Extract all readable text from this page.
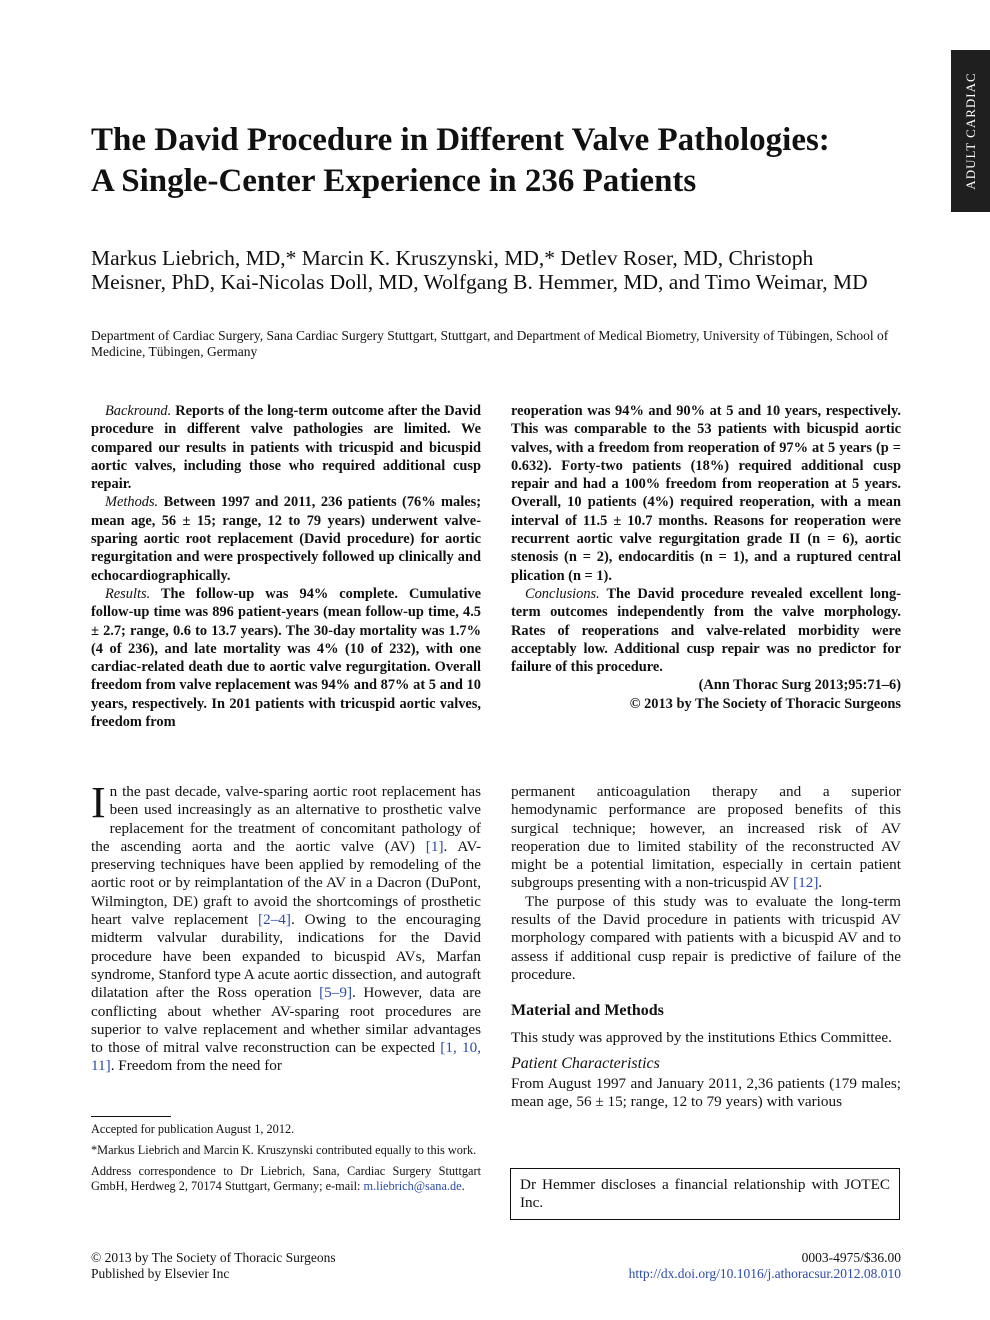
ADULT CARDIAC
The David Procedure in Different Valve Pathologies: A Single-Center Experience in 236 Patients

Markus Liebrich, MD,* Marcin K. Kruszynski, MD,* Detlev Roser, MD, Christoph Meisner, PhD, Kai-Nicolas Doll, MD, Wolfgang B. Hemmer, MD, and Timo Weimar, MD

Department of Cardiac Surgery, Sana Cardiac Surgery Stuttgart, Stuttgart, and Department of Medical Biometry, University of Tübingen, School of Medicine, Tübingen, Germany

Backround. Reports of the long-term outcome after the David procedure in different valve pathologies are limited. We compared our results in patients with tricuspid and bicuspid aortic valves, including those who required additional cusp repair.

Methods. Between 1997 and 2011, 236 patients (76% males; mean age, 56 ± 15; range, 12 to 79 years) underwent valve-sparing aortic root replacement (David procedure) for aortic regurgitation and were prospectively followed up clinically and echocardiographically.

Results. The follow-up was 94% complete. Cumulative follow-up time was 896 patient-years (mean follow-up time, 4.5 ± 2.7; range, 0.6 to 13.7 years). The 30-day mortality was 1.7% (4 of 236), and late mortality was 4% (10 of 232), with one cardiac-related death due to aortic valve regurgitation. Overall freedom from valve replacement was 94% and 87% at 5 and 10 years, respectively. In 201 patients with tricuspid aortic valves, freedom from

reoperation was 94% and 90% at 5 and 10 years, respectively. This was comparable to the 53 patients with bicuspid aortic valves, with a freedom from reoperation of 97% at 5 years (p = 0.632). Forty-two patients (18%) required additional cusp repair and had a 100% freedom from reoperation at 5 years. Overall, 10 patients (4%) required reoperation, with a mean interval of 11.5 ± 10.7 months. Reasons for reoperation were recurrent aortic valve regurgitation grade II (n = 6), aortic stenosis (n = 2), endocarditis (n = 1), and a ruptured central plication (n = 1).

Conclusions. The David procedure revealed excellent long-term outcomes independently from the valve morphology. Rates of reoperations and valve-related morbidity were acceptably low. Additional cusp repair was no predictor for failure of this procedure.

(Ann Thorac Surg 2013;95:71–6)

© 2013 by The Society of Thoracic Surgeons

In the past decade, valve-sparing aortic root replacement has been used increasingly as an alternative to prosthetic valve replacement for the treatment of concomitant pathology of the ascending aorta and the aortic valve (AV) [1]. AV-preserving techniques have been applied by remodeling of the aortic root or by reimplantation of the AV in a Dacron (DuPont, Wilmington, DE) graft to avoid the shortcomings of prosthetic heart valve replacement [2–4]. Owing to the encouraging midterm valvular durability, indications for the David procedure have been expanded to bicuspid AVs, Marfan syndrome, Stanford type A acute aortic dissection, and autograft dilatation after the Ross operation [5–9]. However, data are conflicting about whether AV-sparing root procedures are superior to valve replacement and whether similar advantages to those of mitral valve reconstruction can be expected [1, 10, 11]. Freedom from the need for

permanent anticoagulation therapy and a superior hemodynamic performance are proposed benefits of this surgical technique; however, an increased risk of AV reoperation due to limited stability of the reconstructed AV might be a potential limitation, especially in certain patient subgroups presenting with a non-tricuspid AV [12].

The purpose of this study was to evaluate the long-term results of the David procedure in patients with tricuspid AV morphology compared with patients with a bicuspid AV and to assess if additional cusp repair is predictive of failure of the procedure.

Material and Methods

This study was approved by the institutions Ethics Committee.

Patient Characteristics

From August 1997 and January 2011, 2,36 patients (179 males; mean age, 56 ± 15; range, 12 to 79 years) with various

Accepted for publication August 1, 2012.

*Markus Liebrich and Marcin K. Kruszynski contributed equally to this work.

Address correspondence to Dr Liebrich, Sana, Cardiac Surgery Stuttgart GmbH, Herdweg 2, 70174 Stuttgart, Germany; e-mail: m.liebrich@sana.de.	Dr Hemmer discloses a financial relationship with JOTEC Inc.
© 2013 by The Society of Thoracic Surgeons
Published by Elsevier Inc
0003-4975/$36.00
http://dx.doi.org/10.1016/j.athoracsur.2012.08.010
